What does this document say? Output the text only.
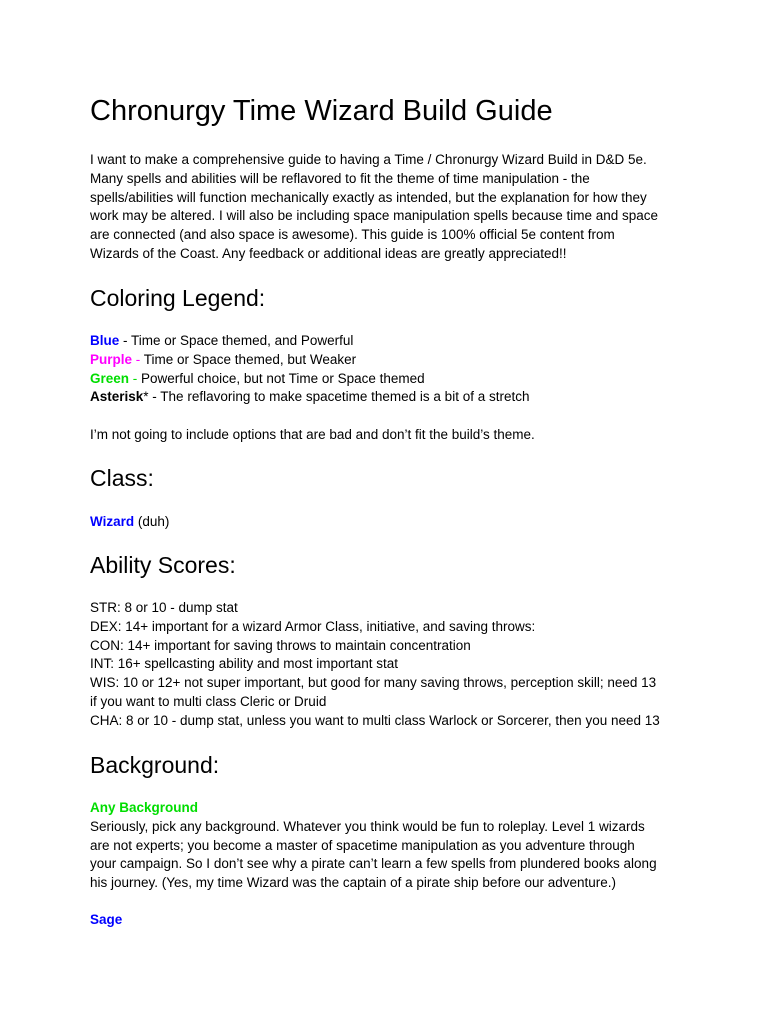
Chronurgy Time Wizard Build Guide
I want to make a comprehensive guide to having a Time / Chronurgy Wizard Build in D&D 5e.
Many spells and abilities will be reflavored to fit the theme of time manipulation - the
spells/abilities will function mechanically exactly as intended, but the explanation for how they
work may be altered. I will also be including space manipulation spells because time and space
are connected (and also space is awesome). This guide is 100% official 5e content from
Wizards of the Coast. Any feedback or additional ideas are greatly appreciated!!
Coloring Legend:
Blue - Time or Space themed, and Powerful
Purple - Time or Space themed, but Weaker
Green - Powerful choice, but not Time or Space themed
Asterisk* - The reflavoring to make spacetime themed is a bit of a stretch
I’m not going to include options that are bad and don’t fit the build’s theme.
Class:
Wizard (duh)
Ability Scores:
STR: 8 or 10 - dump stat
DEX: 14+ important for a wizard Armor Class, initiative, and saving throws:
CON: 14+ important for saving throws to maintain concentration
INT: 16+ spellcasting ability and most important stat
WIS: 10 or 12+ not super important, but good for many saving throws, perception skill; need 13
if you want to multi class Cleric or Druid
CHA: 8 or 10 - dump stat, unless you want to multi class Warlock or Sorcerer, then you need 13
Background:
Any Background
Seriously, pick any background. Whatever you think would be fun to roleplay. Level 1 wizards
are not experts; you become a master of spacetime manipulation as you adventure through
your campaign. So I don’t see why a pirate can’t learn a few spells from plundered books along
his journey. (Yes, my time Wizard was the captain of a pirate ship before our adventure.)
Sage
